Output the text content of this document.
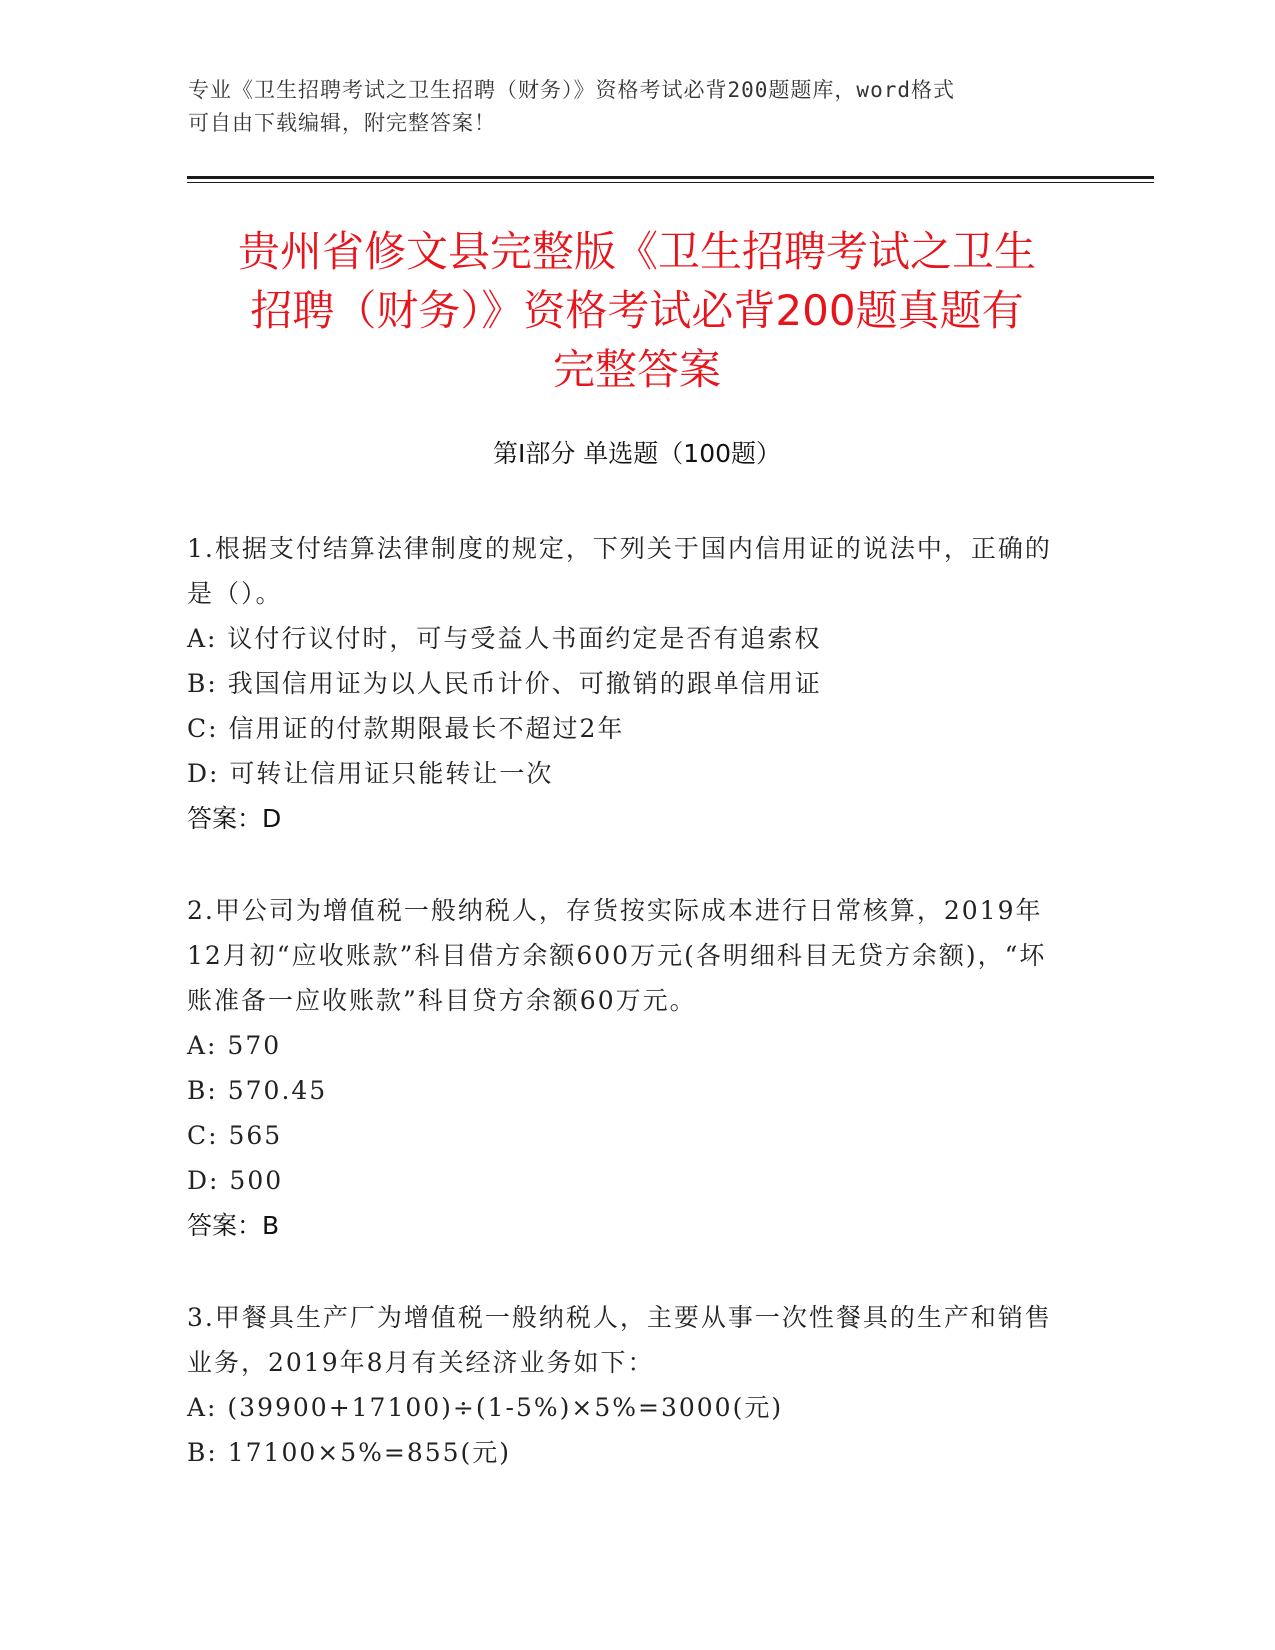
专业《卫生招聘考试之卫生招聘（财务）》资格考试必背200题题库，word格式
可自由下载编辑，附完整答案！
贵州省修文县完整版《卫生招聘考试之卫生
招聘（财务）》资格考试必背200题真题有
完整答案
第Ⅰ部分 单选题（100题）

1.根据支付结算法律制度的规定，下列关于国内信用证的说法中，正确的是（）。

A: 议付行议付时，可与受益人书面约定是否有追索权

B: 我国信用证为以人民币计价、可撤销的跟单信用证

C: 信用证的付款期限最长不超过2年

D: 可转让信用证只能转让一次

答案：D

2.甲公司为增值税一般纳税人，存货按实际成本进行日常核算，2019年12月初“应收账款”科目借方余额600万元(各明细科目无贷方余额)，“坏账准备一应收账款”科目贷方余额60万元。

A: 570

B: 570.45

C: 565

D: 500

答案：B

3.甲餐具生产厂为增值税一般纳税人，主要从事一次性餐具的生产和销售业务，2019年8月有关经济业务如下：

A: (39900+17100)÷(1-5%)×5%=3000(元)

B: 17100×5%=855(元)
